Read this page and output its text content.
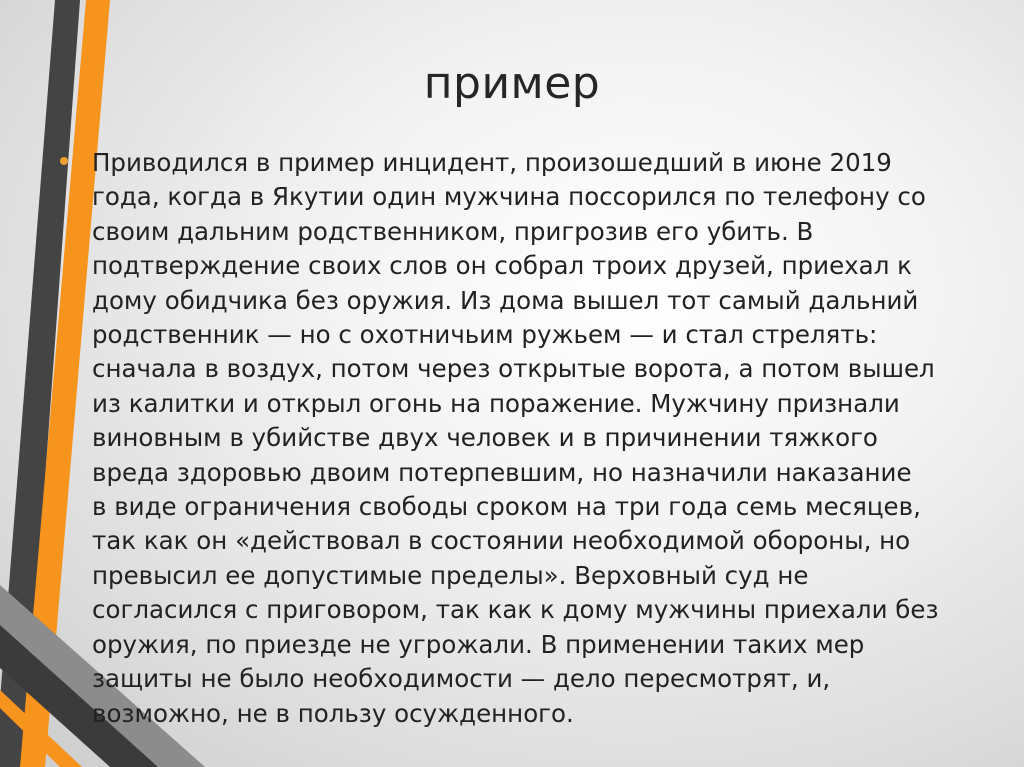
пример
Приводился в пример инцидент, произошедший в июне 2019
года, когда в Якутии один мужчина поссорился по телефону со
своим дальним родственником, пригрозив его убить. В
подтверждение своих слов он собрал троих друзей, приехал к
дому обидчика без оружия. Из дома вышел тот самый дальний
родственник — но с охотничьим ружьем — и стал стрелять:
сначала в воздух, потом через открытые ворота, а потом вышел
из калитки и открыл огонь на поражение. Мужчину признали
виновным в убийстве двух человек и в причинении тяжкого
вреда здоровью двоим потерпевшим, но назначили наказание
в виде ограничения свободы сроком на три года семь месяцев,
так как он «действовал в состоянии необходимой обороны, но
превысил ее допустимые пределы». Верховный суд не
согласился с приговором, так как к дому мужчины приехали без
оружия, по приезде не угрожали. В применении таких мер
защиты не было необходимости — дело пересмотрят, и,
возможно, не в пользу осужденного.
